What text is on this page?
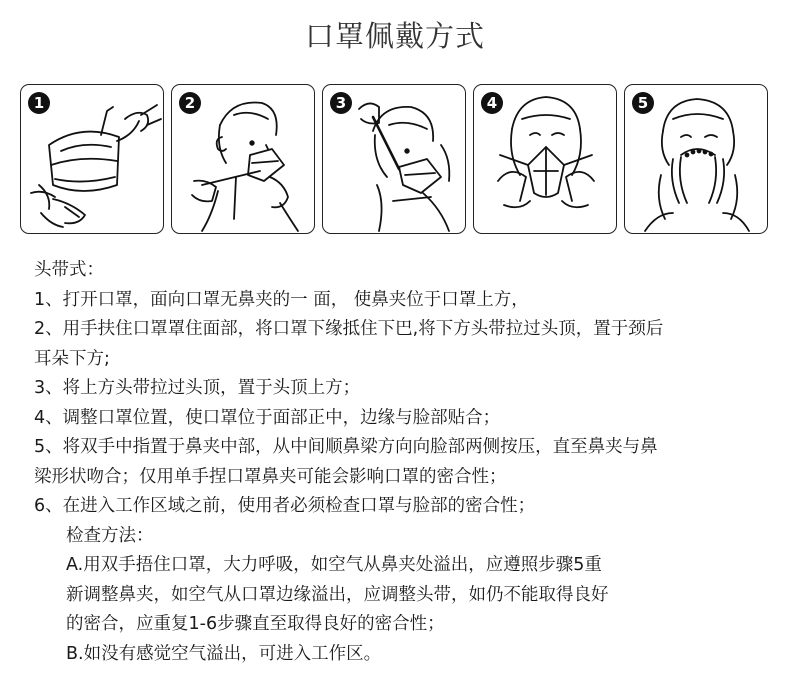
口罩佩戴方式
1	2	3	4	5

头带式：

1、打开口罩，面向口罩无鼻夹的一 面， 使鼻夹位于口罩上方，

2、用手扶住口罩罩住面部，将口罩下缘抵住下巴,将下方头带拉过头顶，置于颈后

耳朵下方;

3、将上方头带拉过头顶，置于头顶上方；

4、调整口罩位置，使口罩位于面部正中，边缘与脸部贴合；

5、将双手中指置于鼻夹中部，从中间顺鼻梁方向向脸部两侧按压，直至鼻夹与鼻

梁形状吻合；仅用单手捏口罩鼻夹可能会影响口罩的密合性；

6、在进入工作区域之前，使用者必须检查口罩与脸部的密合性；

检查方法：

A.用双手捂住口罩，大力呼吸，如空气从鼻夹处溢出，应遵照步骤5重

新调整鼻夹，如空气从口罩边缘溢出，应调整头带，如仍不能取得良好

的密合，应重复1-6步骤直至取得良好的密合性；

B.如没有感觉空气溢出，可进入工作区。
